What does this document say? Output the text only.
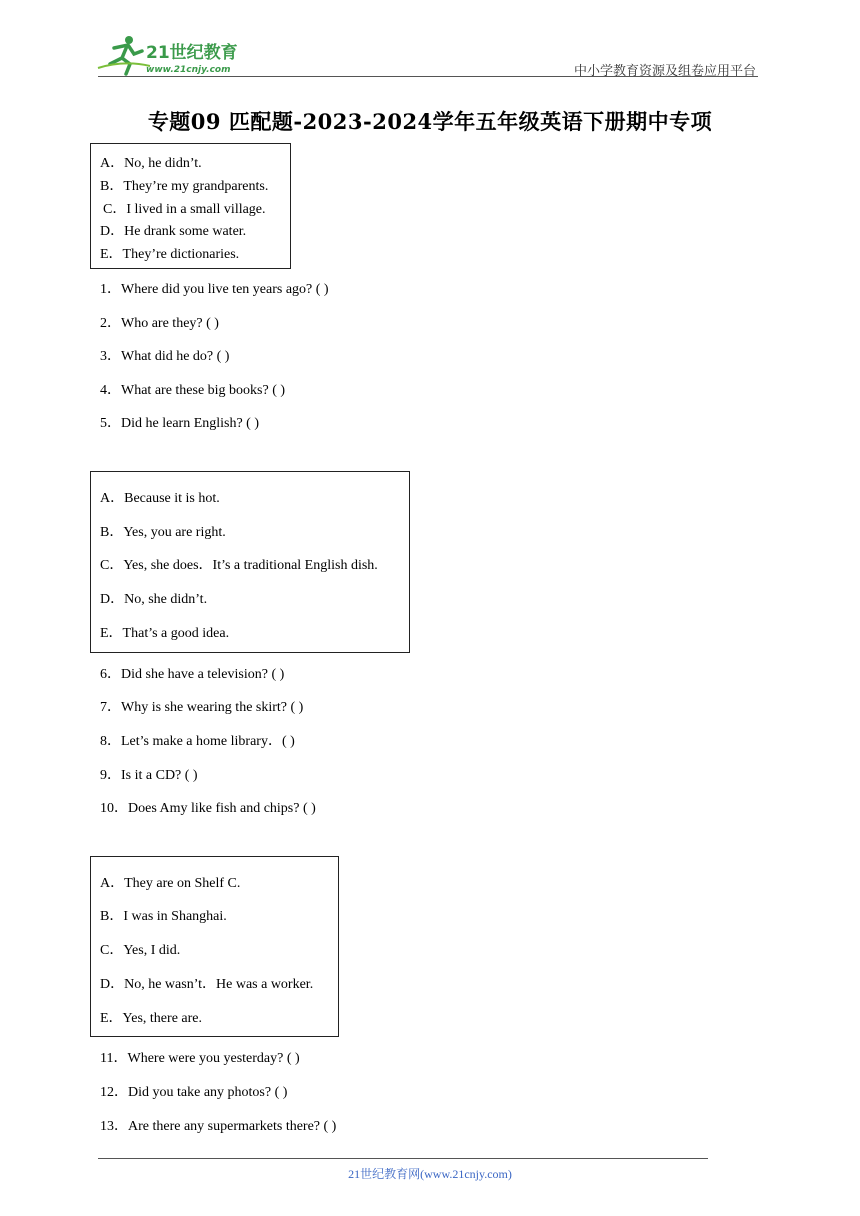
21世纪教育
www.21cnjy.com	中小学教育资源及组卷应用平台
专题09 匹配题-2023-2024学年五年级英语下册期中专项
A．No, he didn’t.
B．They’re my grandparents.
C．I lived in a small village.
D．He drank some water.
E．They’re dictionaries.
1．Where did you live ten years ago? ( )
2．Who are they? ( )
3．What did he do? ( )
4．What are these big books? ( )
5．Did he learn English? ( )
A．Because it is hot.
B．Yes, you are right.
C．Yes, she does．It’s a traditional English dish.
D．No, she didn’t.
E．That’s a good idea.
6．Did she have a television? ( )
7．Why is she wearing the skirt? ( )
8．Let’s make a home library．( )
9．Is it a CD? ( )
10．Does Amy like fish and chips? ( )
A．They are on Shelf C.
B．I was in Shanghai.
C．Yes, I did.
D．No, he wasn’t．He was a worker.
E．Yes, there are.
11．Where were you yesterday? ( )
12．Did you take any photos? ( )
13．Are there any supermarkets there? ( )
21世纪教育网(www.21cnjy.com)
